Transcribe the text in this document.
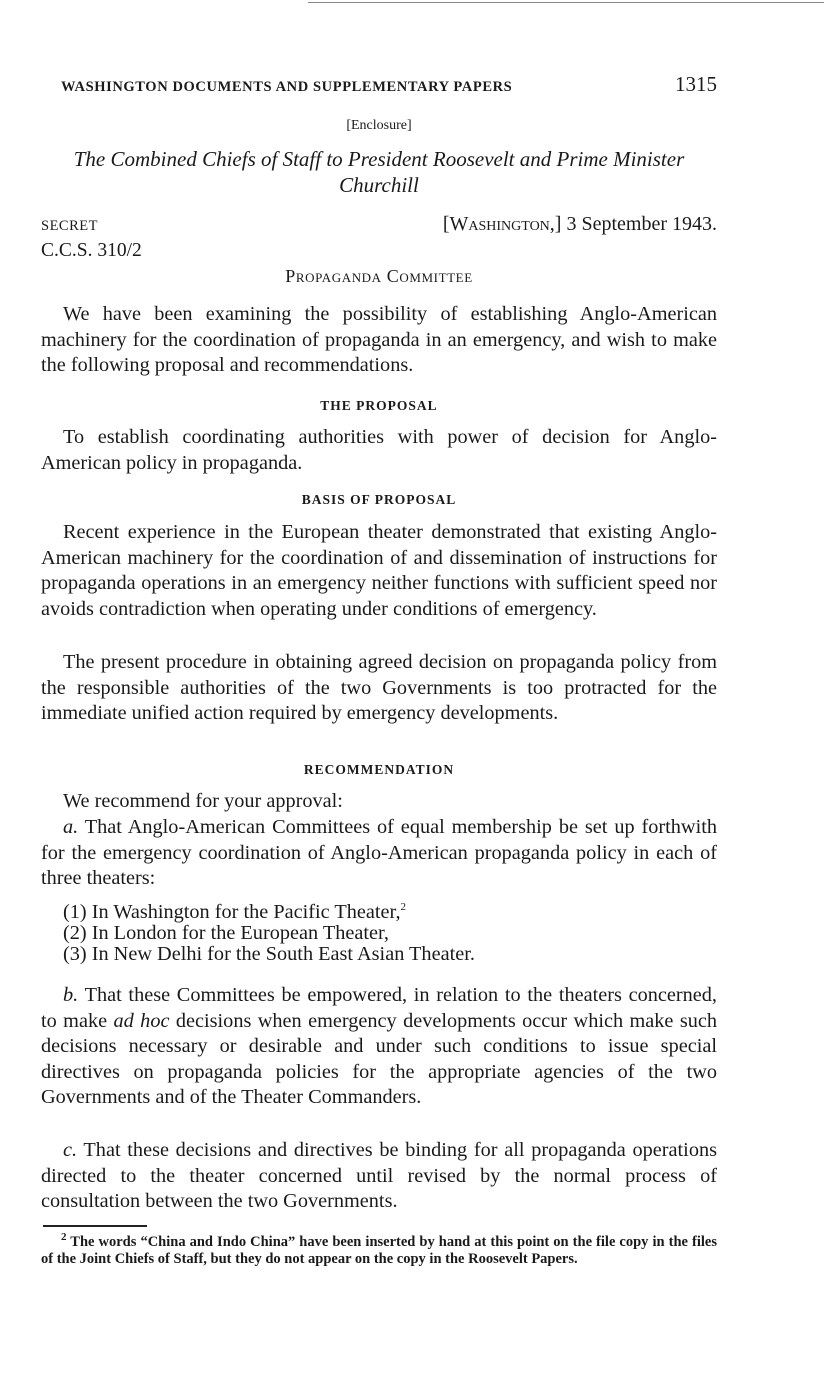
WASHINGTON DOCUMENTS AND SUPPLEMENTARY PAPERS	1315
[Enclosure]
The Combined Chiefs of Staff to President Roosevelt and Prime Minister Churchill
SECRET	[Washington,] 3 September 1943.
C.C.S. 310/2
Propaganda Committee

We have been examining the possibility of establishing Anglo-American machinery for the coordination of propaganda in an emergency, and wish to make the following proposal and recommendations.

THE PROPOSAL

To establish coordinating authorities with power of decision for Anglo-American policy in propaganda.

BASIS OF PROPOSAL

Recent experience in the European theater demonstrated that existing Anglo-American machinery for the coordination of and dissemination of instructions for propaganda operations in an emergency neither functions with sufficient speed nor avoids contradiction when operating under conditions of emergency.

The present procedure in obtaining agreed decision on propaganda policy from the responsible authorities of the two Governments is too protracted for the immediate unified action required by emergency developments.

RECOMMENDATION

We recommend for your approval:

a. That Anglo-American Committees of equal membership be set up forthwith for the emergency coordination of Anglo-American propaganda policy in each of three theaters:

(1) In Washington for the Pacific Theater,$^2$
(2) In London for the European Theater,
(3) In New Delhi for the South East Asian Theater.

b. That these Committees be empowered, in relation to the theaters concerned, to make ad hoc decisions when emergency developments occur which make such decisions necessary or desirable and under such conditions to issue special directives on propaganda policies for the appropriate agencies of the two Governments and of the Theater Commanders.

c. That these decisions and directives be binding for all propaganda operations directed to the theater concerned until revised by the normal process of consultation between the two Governments.

$^2$ The words “China and Indo China” have been inserted by hand at this point on the file copy in the files of the Joint Chiefs of Staff, but they do not appear on the copy in the Roosevelt Papers.
